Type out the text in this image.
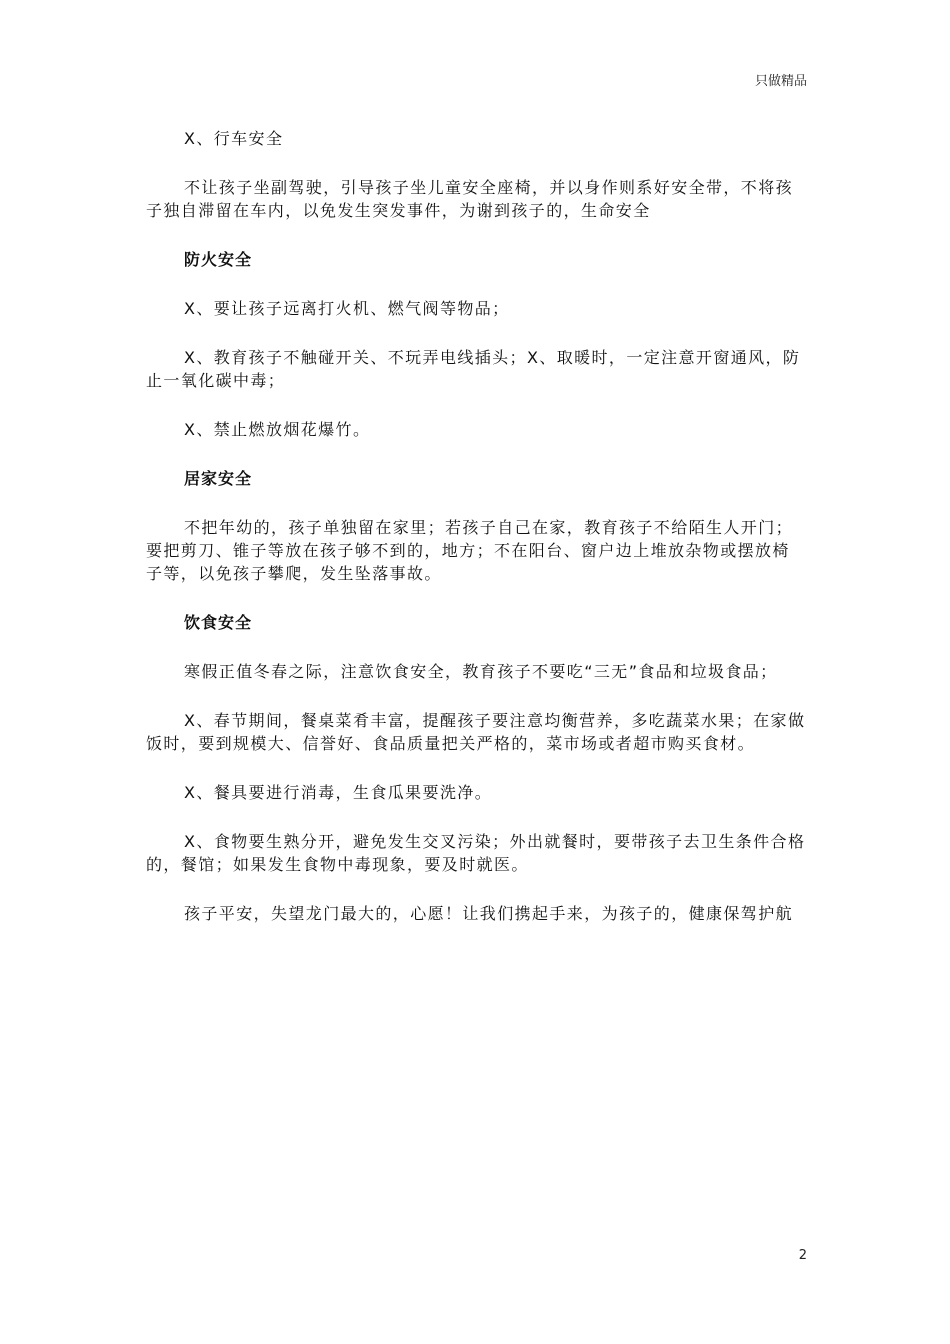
只做精品

X、行车安全

不让孩子坐副驾驶，引导孩子坐儿童安全座椅，并以身作则系好安全带，不将孩子独自滞留在车内，以免发生突发事件，为谢到孩子的，生命安全

防火安全

X、要让孩子远离打火机、燃气阀等物品；

X、教育孩子不触碰开关、不玩弄电线插头；X、取暖时，一定注意开窗通风，防止一氧化碳中毒；

X、禁止燃放烟花爆竹。

居家安全

不把年幼的，孩子单独留在家里；若孩子自己在家，教育孩子不给陌生人开门；要把剪刀、锥子等放在孩子够不到的，地方；不在阳台、窗户边上堆放杂物或摆放椅子等，以免孩子攀爬，发生坠落事故。

饮食安全

寒假正值冬春之际，注意饮食安全，教育孩子不要吃“三无”食品和垃圾食品；

X、春节期间，餐桌菜肴丰富，提醒孩子要注意均衡营养，多吃蔬菜水果；在家做饭时，要到规模大、信誉好、食品质量把关严格的，菜市场或者超市购买食材。

X、餐具要进行消毒，生食瓜果要洗净。

X、食物要生熟分开，避免发生交叉污染；外出就餐时，要带孩子去卫生条件合格的，餐馆；如果发生食物中毒现象，要及时就医。

孩子平安，失望龙门最大的，心愿！让我们携起手来，为孩子的，健康保驾护航

2
